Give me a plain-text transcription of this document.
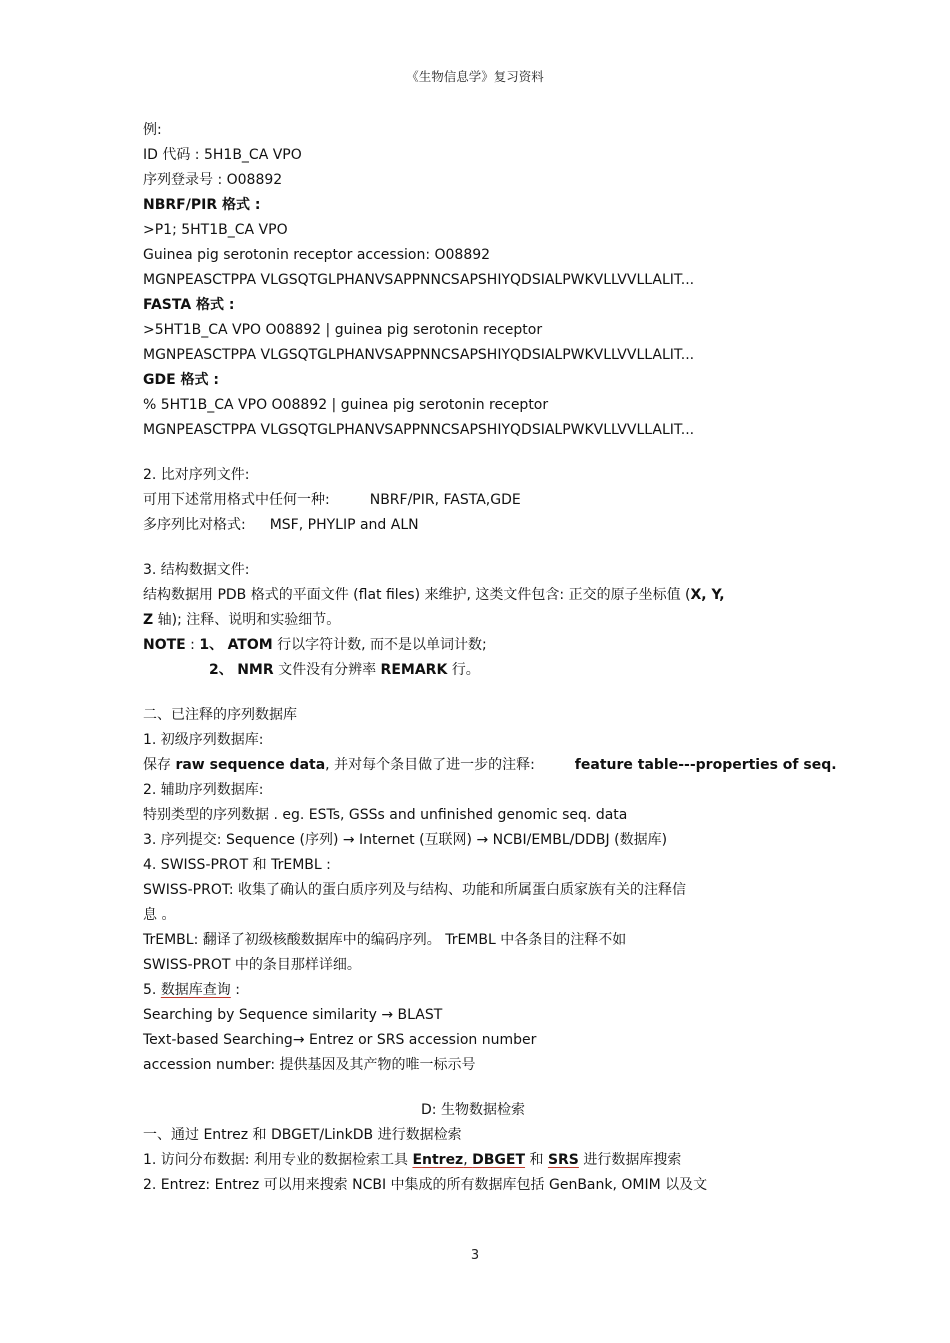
《生物信息学》复习资料
例:
ID 代码 : 5H1B_CA VPO
序列登录号 : O08892
NBRF/PIR 格式 :
>P1; 5HT1B_CA VPO
Guinea pig serotonin receptor accession: O08892
MGNPEASCTPPA VLGSQTGLPHANVSAPPNNCSAPSHIYQDSIALPWKVLLVVLLALIT...
FASTA 格式 :
>5HT1B_CA VPO O08892 | guinea pig serotonin receptor
MGNPEASCTPPA VLGSQTGLPHANVSAPPNNCSAPSHIYQDSIALPWKVLLVVLLALIT...
GDE 格式 :
% 5HT1B_CA VPO O08892 | guinea pig serotonin receptor
MGNPEASCTPPA VLGSQTGLPHANVSAPPNNCSAPSHIYQDSIALPWKVLLVVLLALIT...
2. 比对序列文件:
可用下述常用格式中任何一种:	NBRF/PIR, FASTA,GDE
多序列比对格式: MSF, PHYLIP and ALN
3. 结构数据文件:
结构数据用 PDB 格式的平面文件 (flat files) 来维护, 这类文件包含: 正交的原子坐标值 (X, Y,
Z 轴); 注释、说明和实验细节。
NOTE : 1、 ATOM 行以字符计数, 而不是以单词计数;
2、 NMR 文件没有分辨率 REMARK 行。
二、已注释的序列数据库
1. 初级序列数据库:
保存 raw sequence data, 并对每个条目做了进一步的注释:	feature table---properties of seq.
2. 辅助序列数据库:
特别类型的序列数据 . eg. ESTs, GSSs and unfinished genomic seq. data
3. 序列提交: Sequence (序列) → Internet (互联网) → NCBI/EMBL/DDBJ (数据库)
4. SWISS-PROT 和 TrEMBL :
SWISS-PROT: 收集了确认的蛋白质序列及与结构、功能和所属蛋白质家族有关的注释信
息 。
TrEMBL: 翻译了初级核酸数据库中的编码序列。 TrEMBL 中各条目的注释不如
SWISS-PROT 中的条目那样详细。
5. 数据库查询 :
Searching by Sequence similarity → BLAST
Text-based Searching→ Entrez or SRS accession number
accession number: 提供基因及其产物的唯一标示号
D: 生物数据检索
一、通过 Entrez 和 DBGET/LinkDB 进行数据检索
1. 访问分布数据: 利用专业的数据检索工具 Entrez, DBGET 和 SRS 进行数据库搜索
2. Entrez: Entrez 可以用来搜索 NCBI 中集成的所有数据库包括 GenBank, OMIM 以及文
3
